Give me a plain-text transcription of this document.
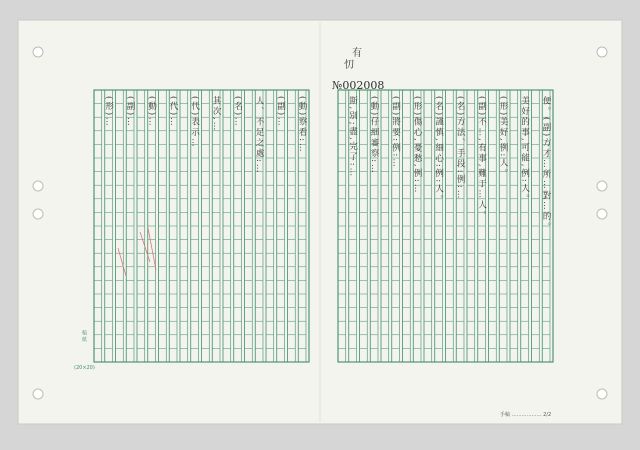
便。(副)方才…所…對…的。
美好的事,可能,例:人。
(形)美好,例:人。
(副)不…,有事,難于…人。
(名)方法、手段:例:…
(名)謹慎,細心:例:人。
(形)傷心,憂愁,例:…
(副)將要:例:…
(動)仔細審察:…
斯,別;盡,完了:…
(動)察看:…
(副)…
人、不足之處:…
(名)…
其次,…
(代)表示…
(代)…
(動)…
(副)…
(形)…
有忉
№002008
(20×20)
稿 紙
手稿 ……………… 2/2
